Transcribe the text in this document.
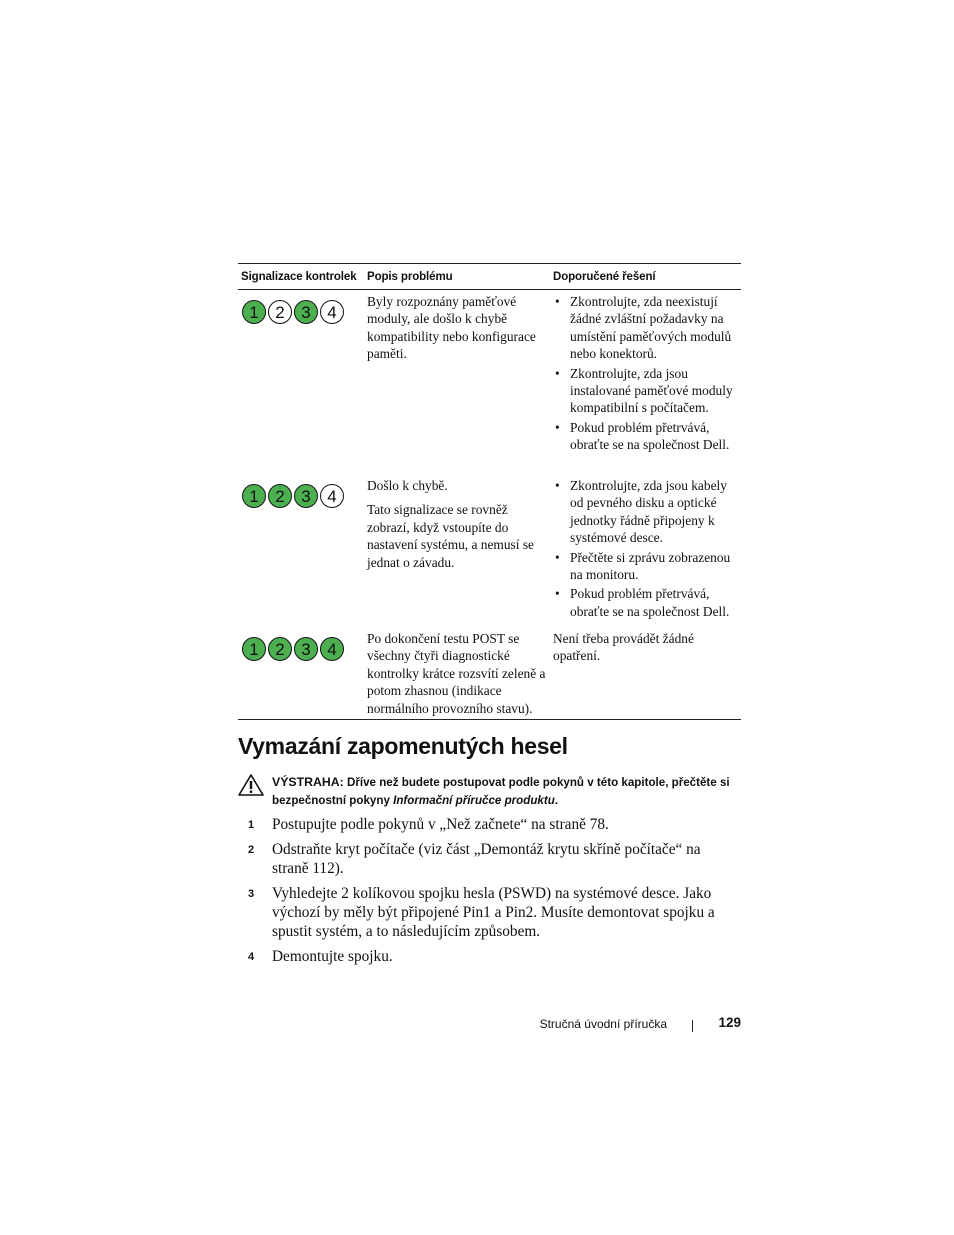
Signalizace kontrolek Popis problému	Doporučené řešení
1 2 3 4

Byly rozpoznány paměťové moduly, ale došlo k chybě kompatibility nebo konfigurace paměti.

• Zkontrolujte, zda neexistují žádné zvláštní požadavky na umístění paměťových modulů nebo konektorů.
• Zkontrolujte, zda jsou instalované paměťové moduly kompatibilní s počítačem.
• Pokud problém přetrvává, obraťte se na společnost Dell.
1 2 3 4

Došlo k chybě.

Tato signalizace se rovněž zobrazí, když vstoupíte do nastavení systému, a nemusí se jednat o závadu.

• Zkontrolujte, zda jsou kabely od pevného disku a optické jednotky řádně připojeny k systémové desce.
• Přečtěte si zprávu zobrazenou na monitoru.
• Pokud problém přetrvává, obraťte se na společnost Dell.
1 2 3 4

Po dokončení testu POST se všechny čtyři diagnostické kontrolky krátce rozsvítí zeleně a potom zhasnou (indikace normálního provozního stavu).

Není třeba provádět žádné opatření.

Vymazání zapomenutých hesel
VÝSTRAHA: Dříve než budete postupovat podle pokynů v této kapitole, přečtěte si bezpečnostní pokyny Informační příručce produktu.
1 Postupujte podle pokynů v „Než začnete“ na straně 78.
2 Odstraňte kryt počítače (viz část „Demontáž krytu skříně počítače“ na straně 112).
3 Vyhledejte 2 kolíkovou spojku hesla (PSWD) na systémové desce. Jako výchozí by měly být připojené Pin1 a Pin2. Musíte demontovat spojku a spustit systém, a to následujícím způsobem.
4 Demontujte spojku.
Stručná úvodní příručka	129
